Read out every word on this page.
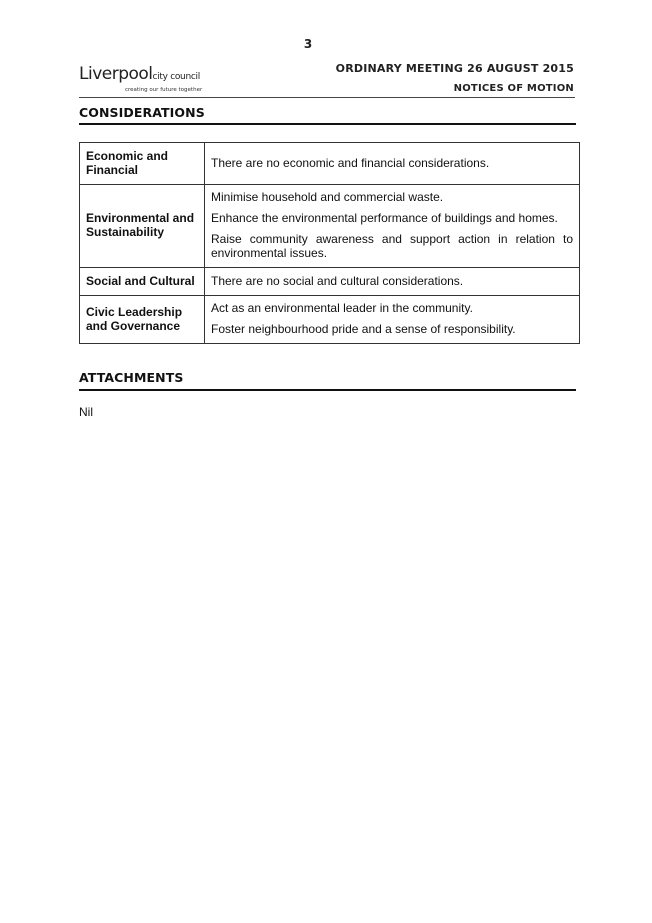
3
Liverpoolcity council
creating our future together
ORDINARY MEETING 26 AUGUST 2015
NOTICES OF MOTION
CONSIDERATIONS
Economic and Financial	There are no economic and financial considerations.

Environmental and Sustainability	Minimise household and commercial waste.

Enhance the environmental performance of buildings and homes.

Raise community awareness and support action in relation to environmental issues.

Social and Cultural	There are no social and cultural considerations.

Civic Leadership and Governance	Act as an environmental leader in the community.

Foster neighbourhood pride and a sense of responsibility.

ATTACHMENTS
Nil
